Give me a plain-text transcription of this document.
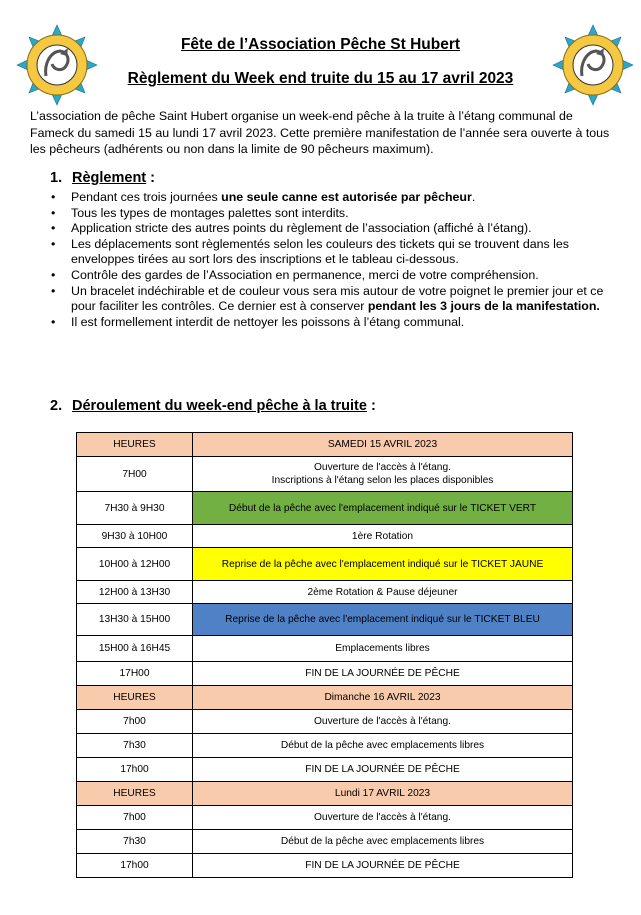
Fête de l’Association Pêche St Hubert
Règlement du Week end truite du 15 au 17 avril 2023
L’association de pêche Saint Hubert organise un week-end pêche à la truite à l’étang communal de Fameck du samedi 15 au lundi 17 avril 2023. Cette première manifestation de l’année sera ouverte à tous les pêcheurs (adhérents ou non dans la limite de 90 pêcheurs maximum).
1. Règlement :
• Pendant ces trois journées une seule canne est autorisée par pêcheur.
• Tous les types de montages palettes sont interdits.
• Application stricte des autres points du règlement de l’association (affiché à l’étang).
• Les déplacements sont règlementés selon les couleurs des tickets qui se trouvent dans les enveloppes tirées au sort lors des inscriptions et le tableau ci-dessous.
• Contrôle des gardes de l’Association en permanence, merci de votre compréhension.
• Un bracelet indéchirable et de couleur vous sera mis autour de votre poignet le premier jour et ce pour faciliter les contrôles. Ce dernier est à conserver pendant les 3 jours de la manifestation.
• Il est formellement interdit de nettoyer les poissons à l’étang communal.
2. Déroulement du week-end pêche à la truite :
HEURES	SAMEDI 15 AVRIL 2023
7H00	Ouverture de l'accès à l'étang.
Inscriptions à l'étang selon les places disponibles
7H30 à 9H30	Début de la pêche avec l'emplacement indiqué sur le TICKET VERT
9H30 à 10H00	1ère Rotation
10H00 à 12H00	Reprise de la pêche avec l'emplacement indiqué sur le TICKET JAUNE
12H00 à 13H30	2ème Rotation & Pause déjeuner
13H30 à 15H00	Reprise de la pêche avec l'emplacement indiqué sur le TICKET BLEU
15H00 à 16H45	Emplacements libres
17H00	FIN DE LA JOURNÉE DE PÊCHE
HEURES	Dimanche 16 AVRIL 2023
7h00	Ouverture de l'accès à l'étang.
7h30	Début de la pêche avec emplacements libres
17h00	FIN DE LA JOURNÉE DE PÊCHE
HEURES	Lundi 17 AVRIL 2023
7h00	Ouverture de l'accès à l'étang.
7h30	Début de la pêche avec emplacements libres
17h00	FIN DE LA JOURNÉE DE PÊCHE
